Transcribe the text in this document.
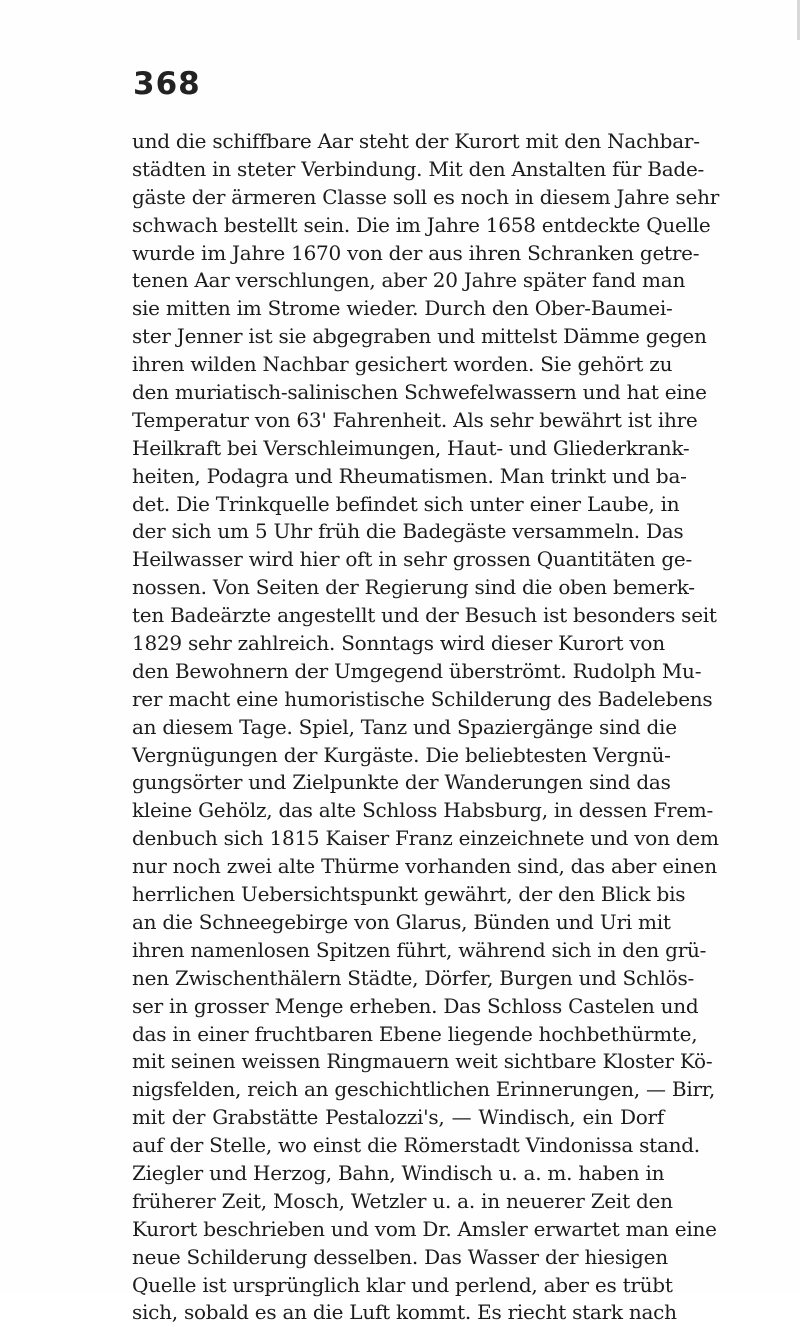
368
und die schiffbare Aar steht der Kurort mit den Nachbar-
städten in steter Verbindung. Mit den Anstalten für Bade-
gäste der ärmeren Classe soll es noch in diesem Jahre sehr
schwach bestellt sein. Die im Jahre 1658 entdeckte Quelle
wurde im Jahre 1670 von der aus ihren Schranken getre-
tenen Aar verschlungen, aber 20 Jahre später fand man
sie mitten im Strome wieder. Durch den Ober-Baumei-
ster Jenner ist sie abgegraben und mittelst Dämme gegen
ihren wilden Nachbar gesichert worden. Sie gehört zu
den muriatisch-salinischen Schwefelwassern und hat eine
Temperatur von 63' Fahrenheit. Als sehr bewährt ist ihre
Heilkraft bei Verschleimungen, Haut- und Gliederkrank-
heiten, Podagra und Rheumatismen. Man trinkt und ba-
det. Die Trinkquelle befindet sich unter einer Laube, in
der sich um 5 Uhr früh die Badegäste versammeln. Das
Heilwasser wird hier oft in sehr grossen Quantitäten ge-
nossen. Von Seiten der Regierung sind die oben bemerk-
ten Badeärzte angestellt und der Besuch ist besonders seit
1829 sehr zahlreich. Sonntags wird dieser Kurort von
den Bewohnern der Umgegend überströmt. Rudolph Mu-
rer macht eine humoristische Schilderung des Badelebens
an diesem Tage. Spiel, Tanz und Spaziergänge sind die
Vergnügungen der Kurgäste. Die beliebtesten Vergnü-
gungsörter und Zielpunkte der Wanderungen sind das
kleine Gehölz, das alte Schloss Habsburg, in dessen Frem-
denbuch sich 1815 Kaiser Franz einzeichnete und von dem
nur noch zwei alte Thürme vorhanden sind, das aber einen
herrlichen Uebersichtspunkt gewährt, der den Blick bis
an die Schneegebirge von Glarus, Bünden und Uri mit
ihren namenlosen Spitzen führt, während sich in den grü-
nen Zwischenthälern Städte, Dörfer, Burgen und Schlös-
ser in grosser Menge erheben. Das Schloss Castelen und
das in einer fruchtbaren Ebene liegende hochbethürmte,
mit seinen weissen Ringmauern weit sichtbare Kloster Kö-
nigsfelden, reich an geschichtlichen Erinnerungen, — Birr,
mit der Grabstätte Pestalozzi's, — Windisch, ein Dorf
auf der Stelle, wo einst die Römerstadt Vindonissa stand.
Ziegler und Herzog, Bahn, Windisch u. a. m. haben in
früherer Zeit, Mosch, Wetzler u. a. in neuerer Zeit den
Kurort beschrieben und vom Dr. Amsler erwartet man eine
neue Schilderung desselben. Das Wasser der hiesigen
Quelle ist ursprünglich klar und perlend, aber es trübt
sich, sobald es an die Luft kommt. Es riecht stark nach
